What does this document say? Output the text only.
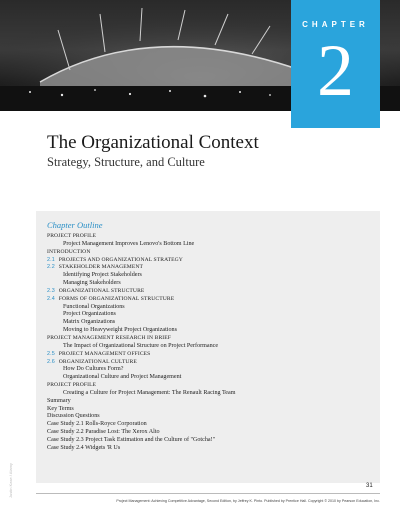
CHAPTER
2
The Organizational Context
Strategy, Structure, and Culture
Chapter Outline
PROJECT PROFILE
Project Management Improves Lenovo's Bottom Line
INTRODUCTION
2.1 PROJECTS AND ORGANIZATIONAL STRATEGY
2.2 STAKEHOLDER MANAGEMENT
Identifying Project Stakeholders
Managing Stakeholders
2.3 ORGANIZATIONAL STRUCTURE
2.4 FORMS OF ORGANIZATIONAL STRUCTURE
Functional Organizations
Project Organizations
Matrix Organizations
Moving to Heavyweight Project Organizations
PROJECT MANAGEMENT RESEARCH IN BRIEF
The Impact of Organizational Structure on Project Performance
2.5 PROJECT MANAGEMENT OFFICES
2.6 ORGANIZATIONAL CULTURE
How Do Cultures Form?
Organizational Culture and Project Management
PROJECT PROFILE
Creating a Culture for Project Management: The Renault Racing Team
Summary
Key Terms
Discussion Questions
Case Study 2.1 Rolls-Royce Corporation
Case Study 2.2 Paradise Lost: The Xerox Alto
Case Study 2.3 Project Task Estimation and the Culture of "Gotcha!"
Case Study 2.4 Widgets 'R Us
Justin Kase / Alamy	31
Project Management: Achieving Competitive Advantage, Second Edition, by Jeffrey K. Pinto. Published by Prentice Hall. Copyright © 2010 by Pearson Education, Inc.
